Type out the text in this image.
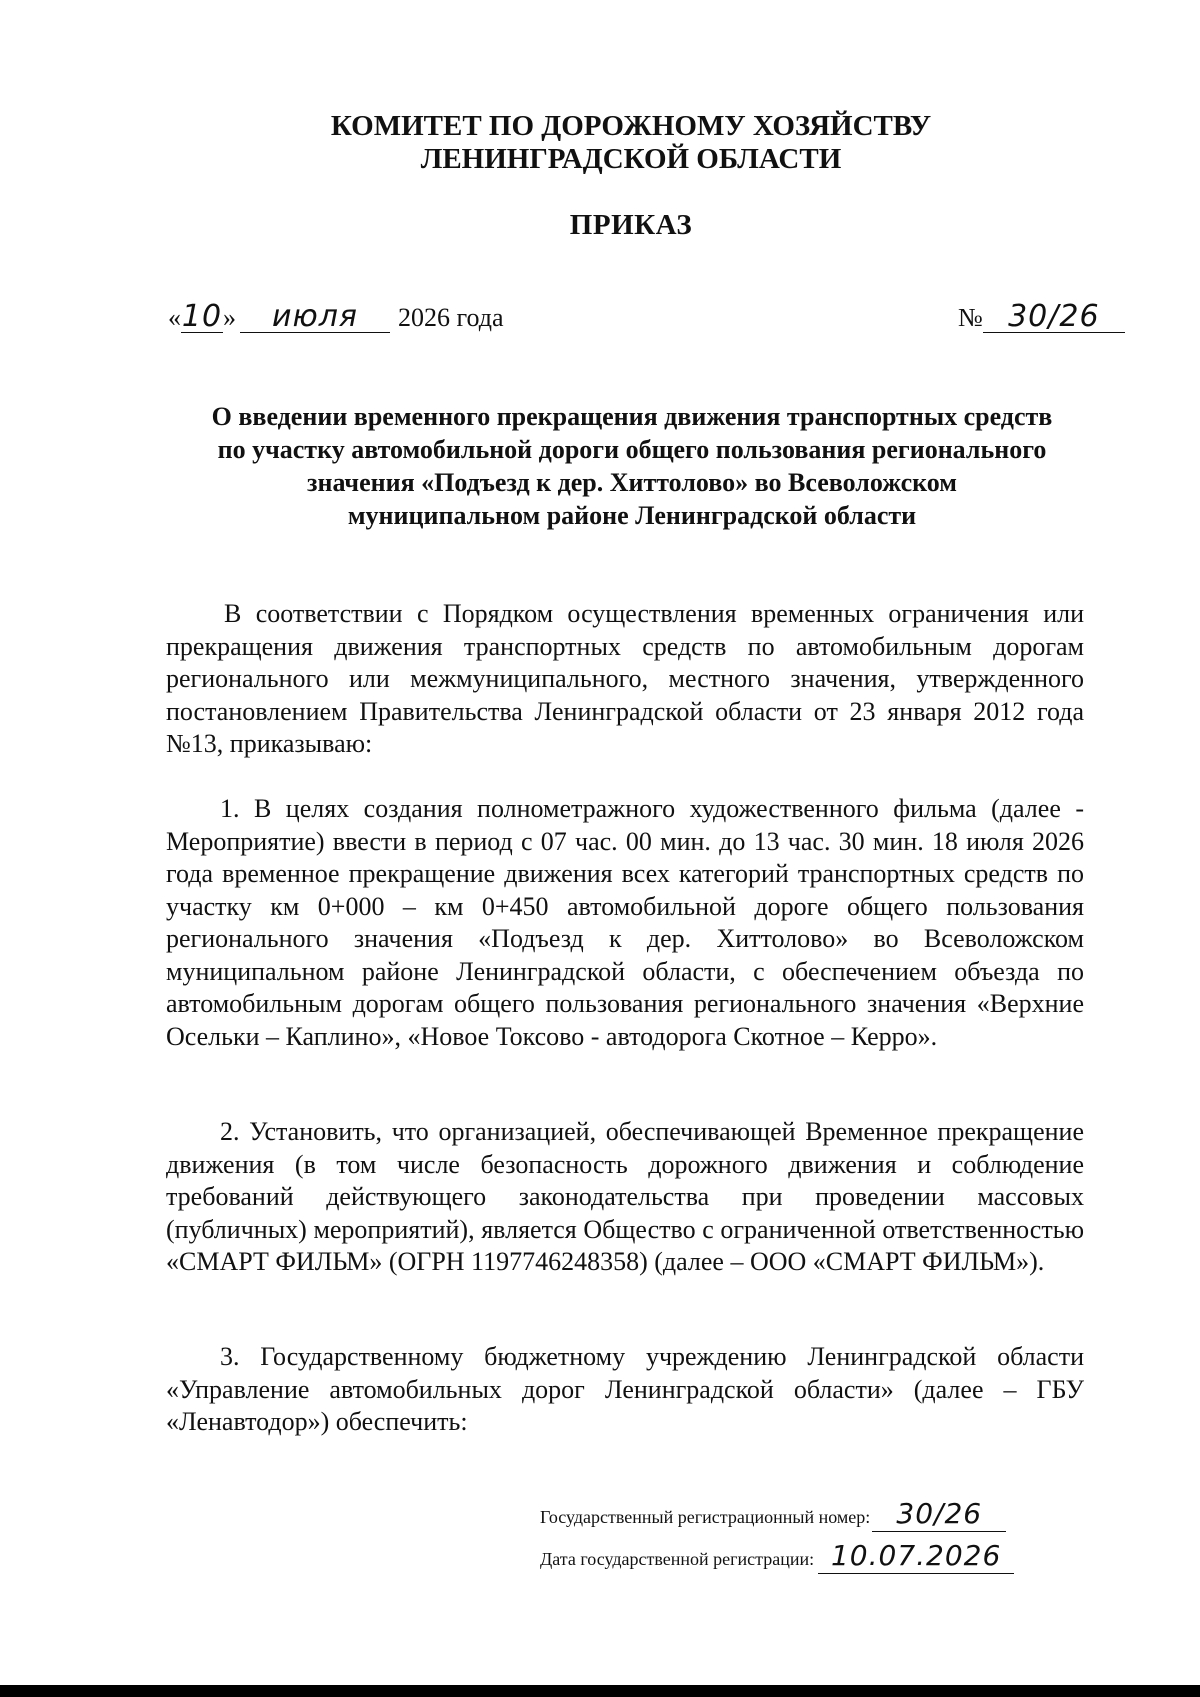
КОМИТЕТ ПО ДОРОЖНОМУ ХОЗЯЙСТВУ
ЛЕНИНГРАДСКОЙ ОБЛАСТИ
ПРИКАЗ
«10» июля 2026 года	№ 30/26
О введении временного прекращения движения транспортных средств
по участку автомобильной дороги общего пользования регионального
значения «Подъезд к дер. Хиттолово» во Всеволожском
муниципальном районе Ленинградской области

В соответствии с Порядком осуществления временных ограничения или прекращения движения транспортных средств по автомобильным дорогам регионального или межмуниципального, местного значения, утвержденного постановлением Правительства Ленинградской области от 23 января 2012 года №13, приказываю:

1. В целях создания полнометражного художественного фильма (далее - Мероприятие) ввести в период с 07 час. 00 мин. до 13 час. 30 мин. 18 июля 2026 года временное прекращение движения всех категорий транспортных средств по участку км 0+000 – км 0+450 автомобильной дороге общего пользования регионального значения «Подъезд к дер. Хиттолово» во Всеволожском муниципальном районе Ленинградской области, с обеспечением объезда по автомобильным дорогам общего пользования регионального значения «Верхние Осельки – Каплино», «Новое Токсово - автодорога Скотное – Керро».

2. Установить, что организацией, обеспечивающей Временное прекращение движения (в том числе безопасность дорожного движения и соблюдение требований действующего законодательства при проведении массовых (публичных) мероприятий), является Общество с ограниченной ответственностью «СМАРТ ФИЛЬМ» (ОГРН 1197746248358) (далее – ООО «СМАРТ ФИЛЬМ»).

3. Государственному бюджетному учреждению Ленинградской области «Управление автомобильных дорог Ленинградской области» (далее – ГБУ «Ленавтодор») обеспечить:

Государственный регистрационный номер: 30/26
Дата государственной регистрации: 10.07.2026
